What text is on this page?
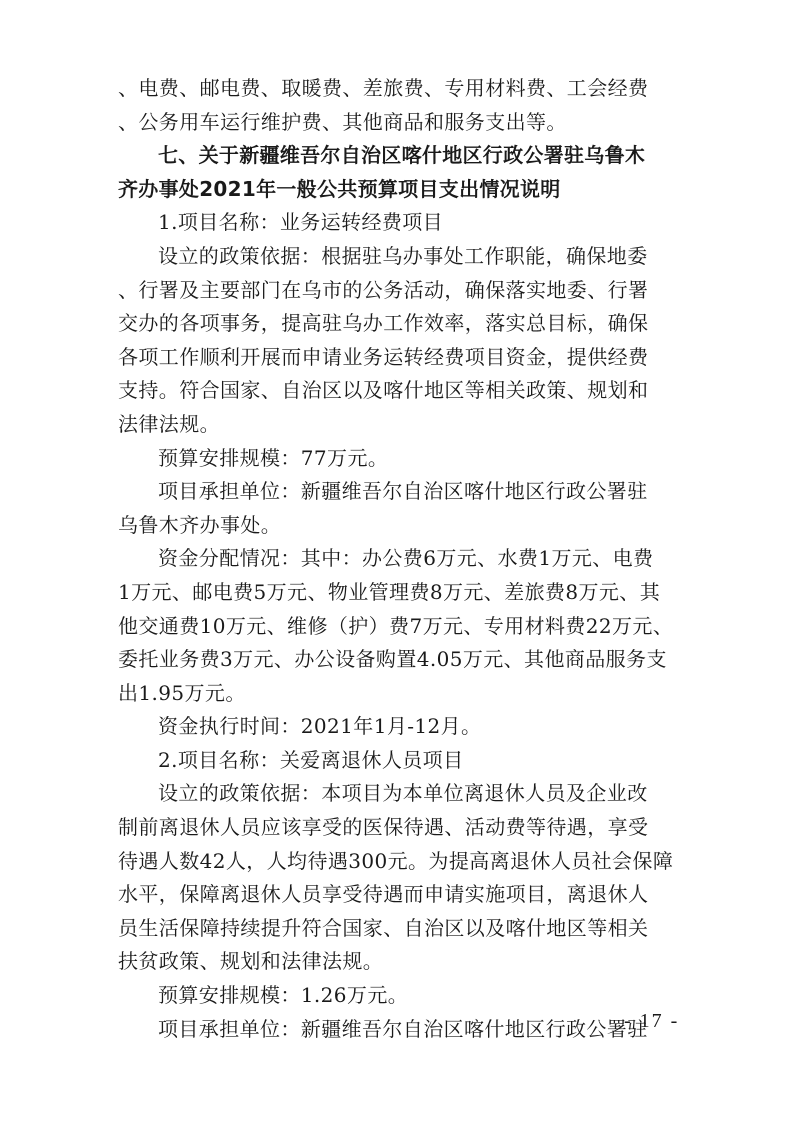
、电费、邮电费、取暖费、差旅费、专用材料费、工会经费
、公务用车运行维护费、其他商品和服务支出等。
七、关于新疆维吾尔自治区喀什地区行政公署驻乌鲁木
齐办事处2021年一般公共预算项目支出情况说明
1.项目名称：业务运转经费项目
设立的政策依据：根据驻乌办事处工作职能，确保地委
、行署及主要部门在乌市的公务活动，确保落实地委、行署
交办的各项事务，提高驻乌办工作效率，落实总目标，确保
各项工作顺利开展而申请业务运转经费项目资金，提供经费
支持。符合国家、自治区以及喀什地区等相关政策、规划和
法律法规。
预算安排规模：77万元。
项目承担单位：新疆维吾尔自治区喀什地区行政公署驻
乌鲁木齐办事处。
资金分配情况：其中：办公费6万元、水费1万元、电费
1万元、邮电费5万元、物业管理费8万元、差旅费8万元、其
他交通费10万元、维修（护）费7万元、专用材料费22万元、
委托业务费3万元、办公设备购置4.05万元、其他商品服务支
出1.95万元。
资金执行时间：2021年1月-12月。
2.项目名称：关爱离退休人员项目
设立的政策依据：本项目为本单位离退休人员及企业改
制前离退休人员应该享受的医保待遇、活动费等待遇，享受
待遇人数42人，人均待遇300元。为提高离退休人员社会保障
水平，保障离退休人员享受待遇而申请实施项目，离退休人
员生活保障持续提升符合国家、自治区以及喀什地区等相关
扶贫政策、规划和法律法规。
预算安排规模：1.26万元。
项目承担单位：新疆维吾尔自治区喀什地区行政公署驻
- 17 -
